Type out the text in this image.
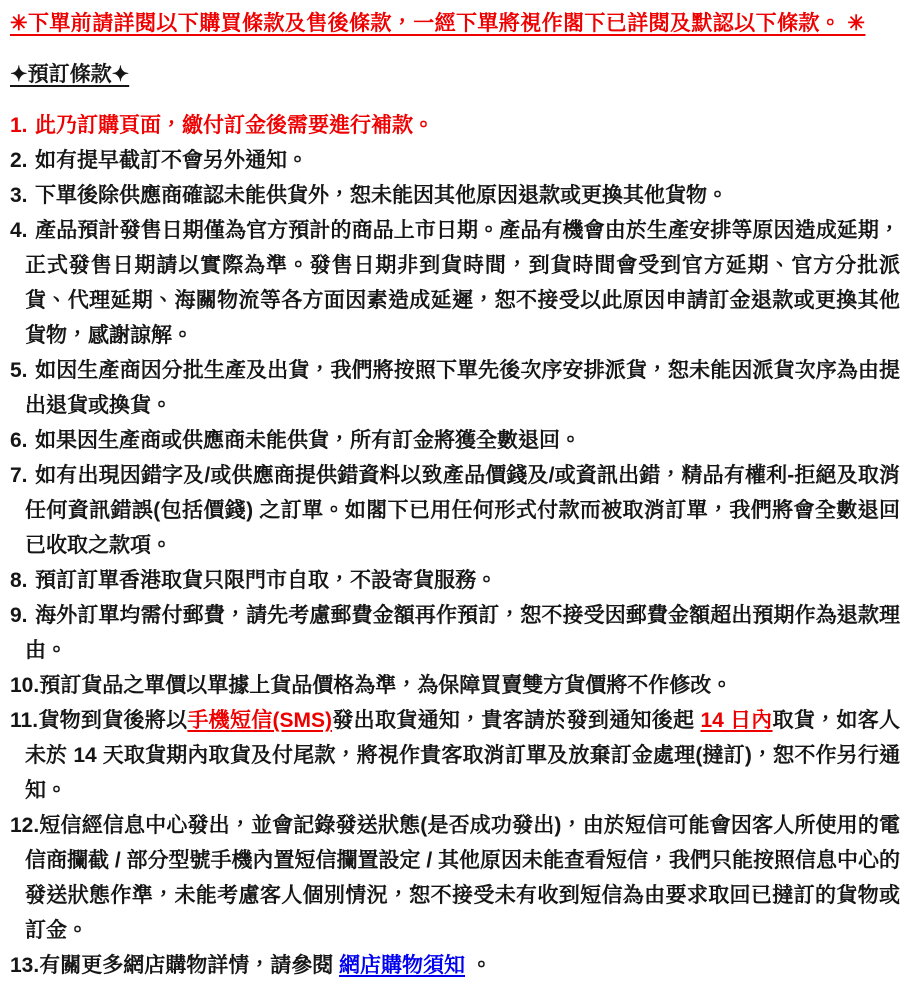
✳︎下單前請詳閱以下購買條款及售後條款，一經下單將視作閣下已詳閱及默認以下條款。 ✳︎
✦預訂條款✦
1. 此乃訂購頁面，繳付訂金後需要進行補款。
2. 如有提早截訂不會另外通知。
3. 下單後除供應商確認未能供貨外，恕未能因其他原因退款或更換其他貨物。
4. 產品預計發售日期僅為官方預計的商品上市日期。產品有機會由於生產安排等原因造成延期，正式發售日期請以實際為準。發售日期非到貨時間，到貨時間會受到官方延期、官方分批派貨、代理延期、海關物流等各方面因素造成延遲，恕不接受以此原因申請訂金退款或更換其他貨物，感謝諒解。
5. 如因生產商因分批生產及出貨，我們將按照下單先後次序安排派貨，恕未能因派貨次序為由提出退貨或換貨。
6. 如果因生產商或供應商未能供貨，所有訂金將獲全數退回。
7. 如有出現因錯字及/或供應商提供錯資料以致產品價錢及/或資訊出錯，精品有權利-拒絕及取消任何資訊錯誤(包括價錢) 之訂單。如閣下已用任何形式付款而被取消訂單，我們將會全數退回已收取之款項。
8. 預訂訂單香港取貨只限門市自取，不設寄貨服務。
9. 海外訂單均需付郵費，請先考慮郵費金額再作預訂，恕不接受因郵費金額超出預期作為退款理由。
10.預訂貨品之單價以單據上貨品價格為準，為保障買賣雙方貨價將不作修改。
11.貨物到貨後將以手機短信(SMS)發出取貨通知，貴客請於發到通知後起 14 日內取貨，如客人未於 14 天取貨期內取貨及付尾款，將視作貴客取消訂單及放棄訂金處理(撻訂)，恕不作另行通知。
12.短信經信息中心發出，並會記錄發送狀態(是否成功發出)，由於短信可能會因客人所使用的電信商攔截 / 部分型號手機內置短信攔置設定 / 其他原因未能查看短信，我們只能按照信息中心的發送狀態作準，未能考慮客人個別情況，恕不接受未有收到短信為由要求取回已撻訂的貨物或訂金。
13.有關更多網店購物詳情，請參閱 網店購物須知 。
